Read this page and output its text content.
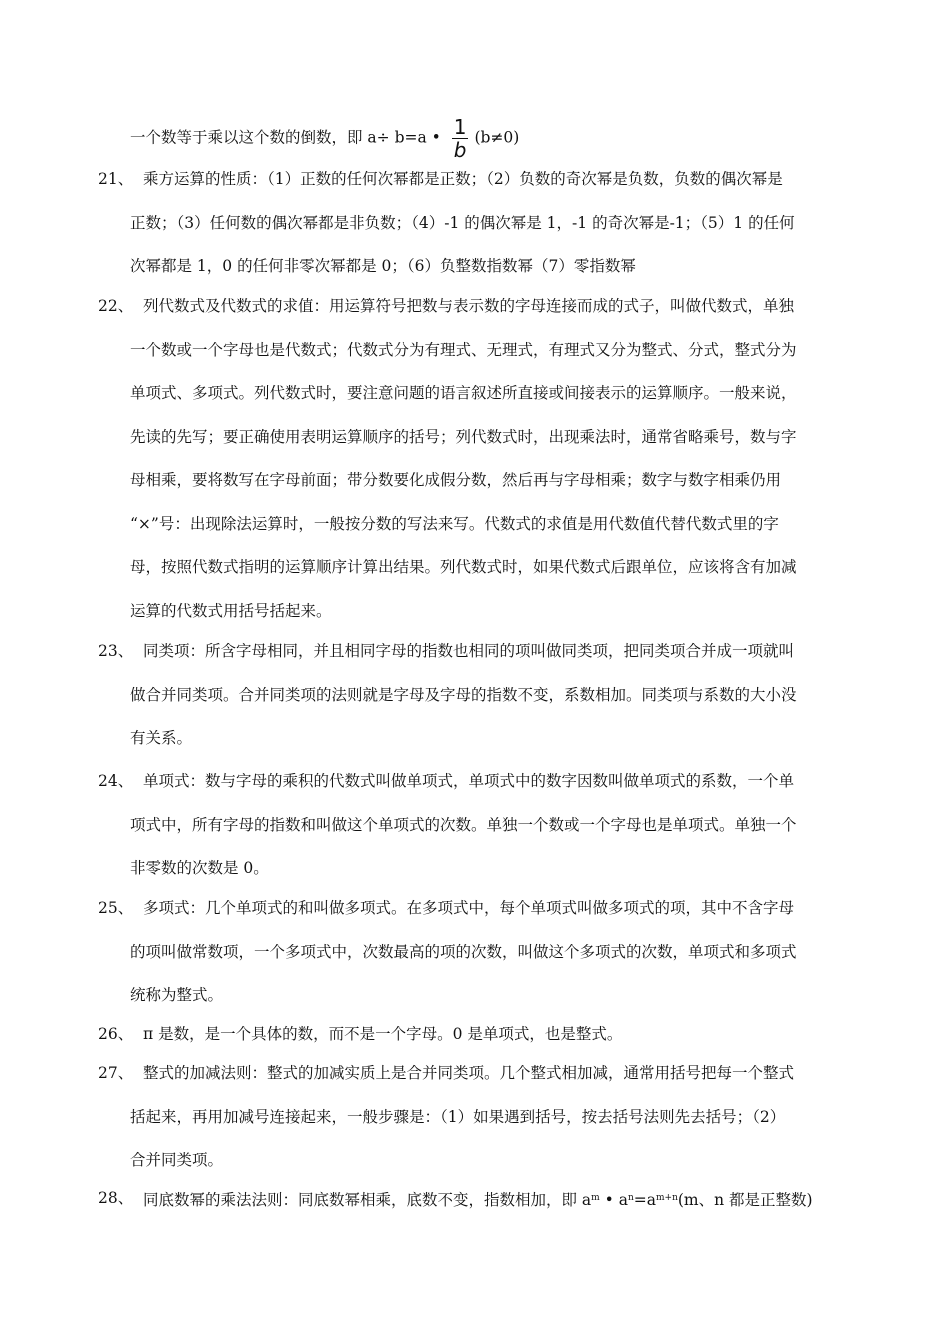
一个数等于乘以这个数的倒数，即 a÷ b=a • $\frac{1}{b} (b\ne 0)$
21、 乘方运算的性质：（1）正数的任何次幂都是正数；（2）负数的奇次幂是负数，负数的偶次幂是
正数；（3）任何数的偶次幂都是非负数；（4）-1 的偶次幂是 1，-1 的奇次幂是-1；（5）1 的任何
次幂都是 1，0 的任何非零次幂都是 0；（6）负整数指数幂（7）零指数幂
22、 列代数式及代数式的求值：用运算符号把数与表示数的字母连接而成的式子，叫做代数式，单独
一个数或一个字母也是代数式；代数式分为有理式、无理式，有理式又分为整式、分式，整式分为
单项式、多项式。列代数式时，要注意问题的语言叙述所直接或间接表示的运算顺序。一般来说，
先读的先写；要正确使用表明运算顺序的括号；列代数式时，出现乘法时，通常省略乘号，数与字
母相乘，要将数写在字母前面；带分数要化成假分数，然后再与字母相乘；数字与数字相乘仍用
“×”号：出现除法运算时，一般按分数的写法来写。代数式的求值是用代数值代替代数式里的字
母，按照代数式指明的运算顺序计算出结果。列代数式时，如果代数式后跟单位，应该将含有加减
运算的代数式用括号括起来。
23、 同类项：所含字母相同，并且相同字母的指数也相同的项叫做同类项，把同类项合并成一项就叫
做合并同类项。合并同类项的法则就是字母及字母的指数不变，系数相加。同类项与系数的大小没
有关系。
24、 单项式：数与字母的乘积的代数式叫做单项式，单项式中的数字因数叫做单项式的系数，一个单
项式中，所有字母的指数和叫做这个单项式的次数。单独一个数或一个字母也是单项式。单独一个
非零数的次数是 0。
25、 多项式：几个单项式的和叫做多项式。在多项式中，每个单项式叫做多项式的项，其中不含字母
的项叫做常数项，一个多项式中，次数最高的项的次数，叫做这个多项式的次数，单项式和多项式
统称为整式。
26、 π 是数，是一个具体的数，而不是一个字母。0 是单项式，也是整式。
27、 整式的加减法则：整式的加减实质上是合并同类项。几个整式相加减，通常用括号把每一个整式
括起来，再用加减号连接起来，一般步骤是：（1）如果遇到括号，按去括号法则先去括号；（2）
合并同类项。
28、 同底数幂的乘法法则：同底数幂相乘，底数不变，指数相加，即 $a^m$ • $a^n=a^{m+n}(m$、n 都是正整数)
